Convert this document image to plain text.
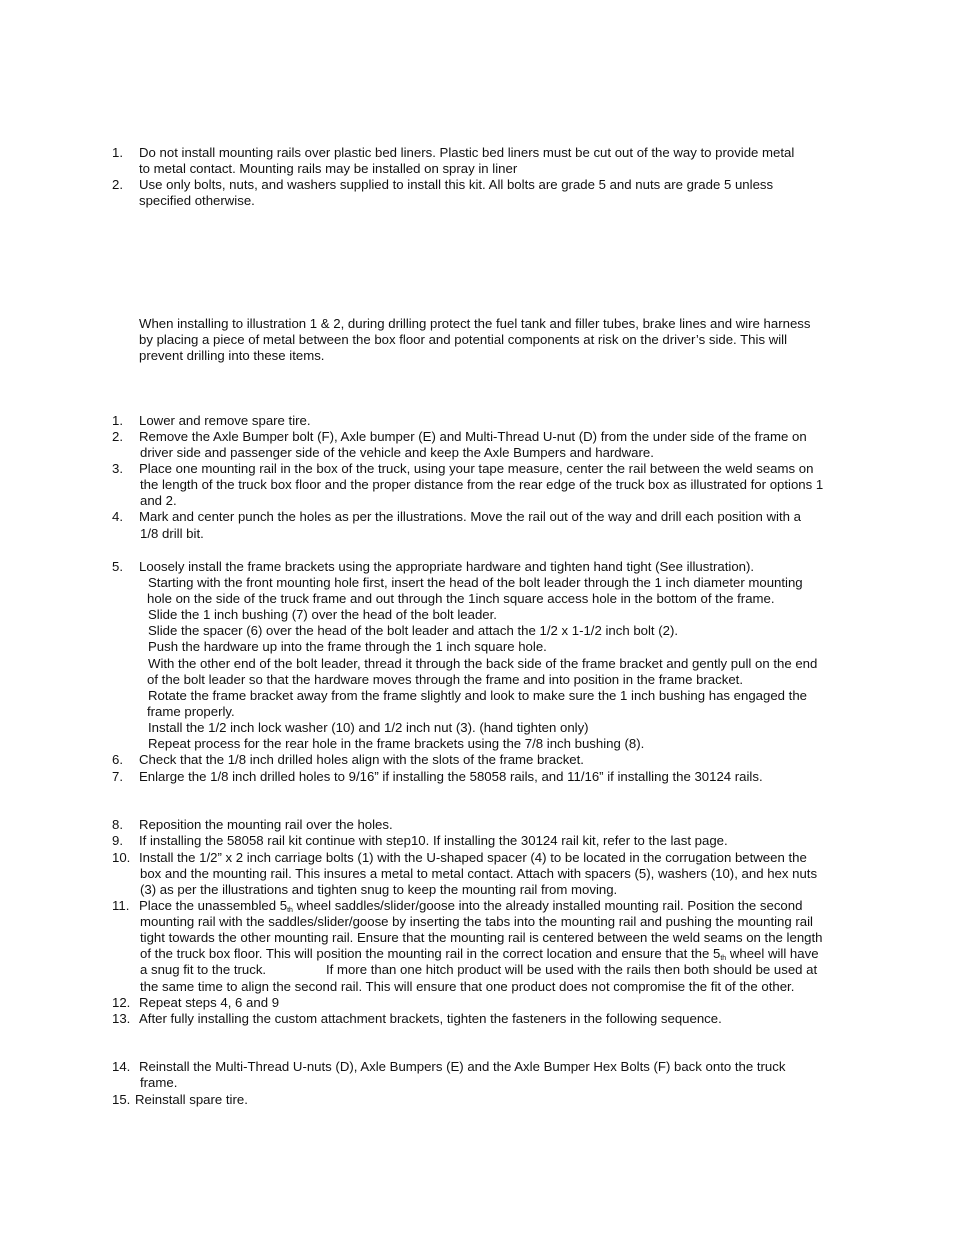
1. Do not install mounting rails over plastic bed liners. Plastic bed liners must be cut out of the way to provide metal
to metal contact. Mounting rails may be installed on spray in liner
2. Use only bolts, nuts, and washers supplied to install this kit. All bolts are grade 5 and nuts are grade 5 unless
specified otherwise.
When installing to illustration 1 & 2, during drilling protect the fuel tank and filler tubes, brake lines and wire harness
by placing a piece of metal between the box floor and potential components at risk on the driver’s side. This will
prevent drilling into these items.
1. Lower and remove spare tire.
2. Remove the Axle Bumper bolt (F), Axle bumper (E) and Multi-Thread U-nut (D) from the under side of the frame on
driver side and passenger side of the vehicle and keep the Axle Bumpers and hardware.
3. Place one mounting rail in the box of the truck, using your tape measure, center the rail between the weld seams on
the length of the truck box floor and the proper distance from the rear edge of the truck box as illustrated for options 1
and 2.
4. Mark and center punch the holes as per the illustrations. Move the rail out of the way and drill each position with a
1/8 drill bit.
5. Loosely install the frame brackets using the appropriate hardware and tighten hand tight (See illustration).
Starting with the front mounting hole first, insert the head of the bolt leader through the 1 inch diameter mounting
hole on the side of the truck frame and out through the 1inch square access hole in the bottom of the frame.
Slide the 1 inch bushing (7) over the head of the bolt leader.
Slide the spacer (6) over the head of the bolt leader and attach the 1/2 x 1-1/2 inch bolt (2).
Push the hardware up into the frame through the 1 inch square hole.
With the other end of the bolt leader, thread it through the back side of the frame bracket and gently pull on the end
of the bolt leader so that the hardware moves through the frame and into position in the frame bracket.
Rotate the frame bracket away from the frame slightly and look to make sure the 1 inch bushing has engaged the
frame properly.
Install the 1/2 inch lock washer (10) and 1/2 inch nut (3). (hand tighten only)
Repeat process for the rear hole in the frame brackets using the 7/8 inch bushing (8).
6. Check that the 1/8 inch drilled holes align with the slots of the frame bracket.
7. Enlarge the 1/8 inch drilled holes to 9/16” if installing the 58058 rails, and 11/16” if installing the 30124 rails.
8. Reposition the mounting rail over the holes.
9. If installing the 58058 rail kit continue with step10. If installing the 30124 rail kit, refer to the last page.
10. Install the 1/2” x 2 inch carriage bolts (1) with the U-shaped spacer (4) to be located in the corrugation between the
box and the mounting rail. This insures a metal to metal contact. Attach with spacers (5), washers (10), and hex nuts
(3) as per the illustrations and tighten snug to keep the mounting rail from moving.
11. Place the unassembled $5_{th}$ wheel saddles/slider/goose into the already installed mounting rail. Position the second
mounting rail with the saddles/slider/goose by inserting the tabs into the mounting rail and pushing the mounting rail
tight towards the other mounting rail. Ensure that the mounting rail is centered between the weld seams on the length
of the truck box floor. This will position the mounting rail in the correct location and ensure that the $5_{th}$ wheel will have
a snug fit to the truck.	If more than one hitch product will be used with the rails then both should be used at
the same time to align the second rail. This will ensure that one product does not compromise the fit of the other.
12. Repeat steps 4, 6 and 9
13. After fully installing the custom attachment brackets, tighten the fasteners in the following sequence.
14. Reinstall the Multi-Thread U-nuts (D), Axle Bumpers (E) and the Axle Bumper Hex Bolts (F) back onto the truck
frame.
15. Reinstall spare tire.
